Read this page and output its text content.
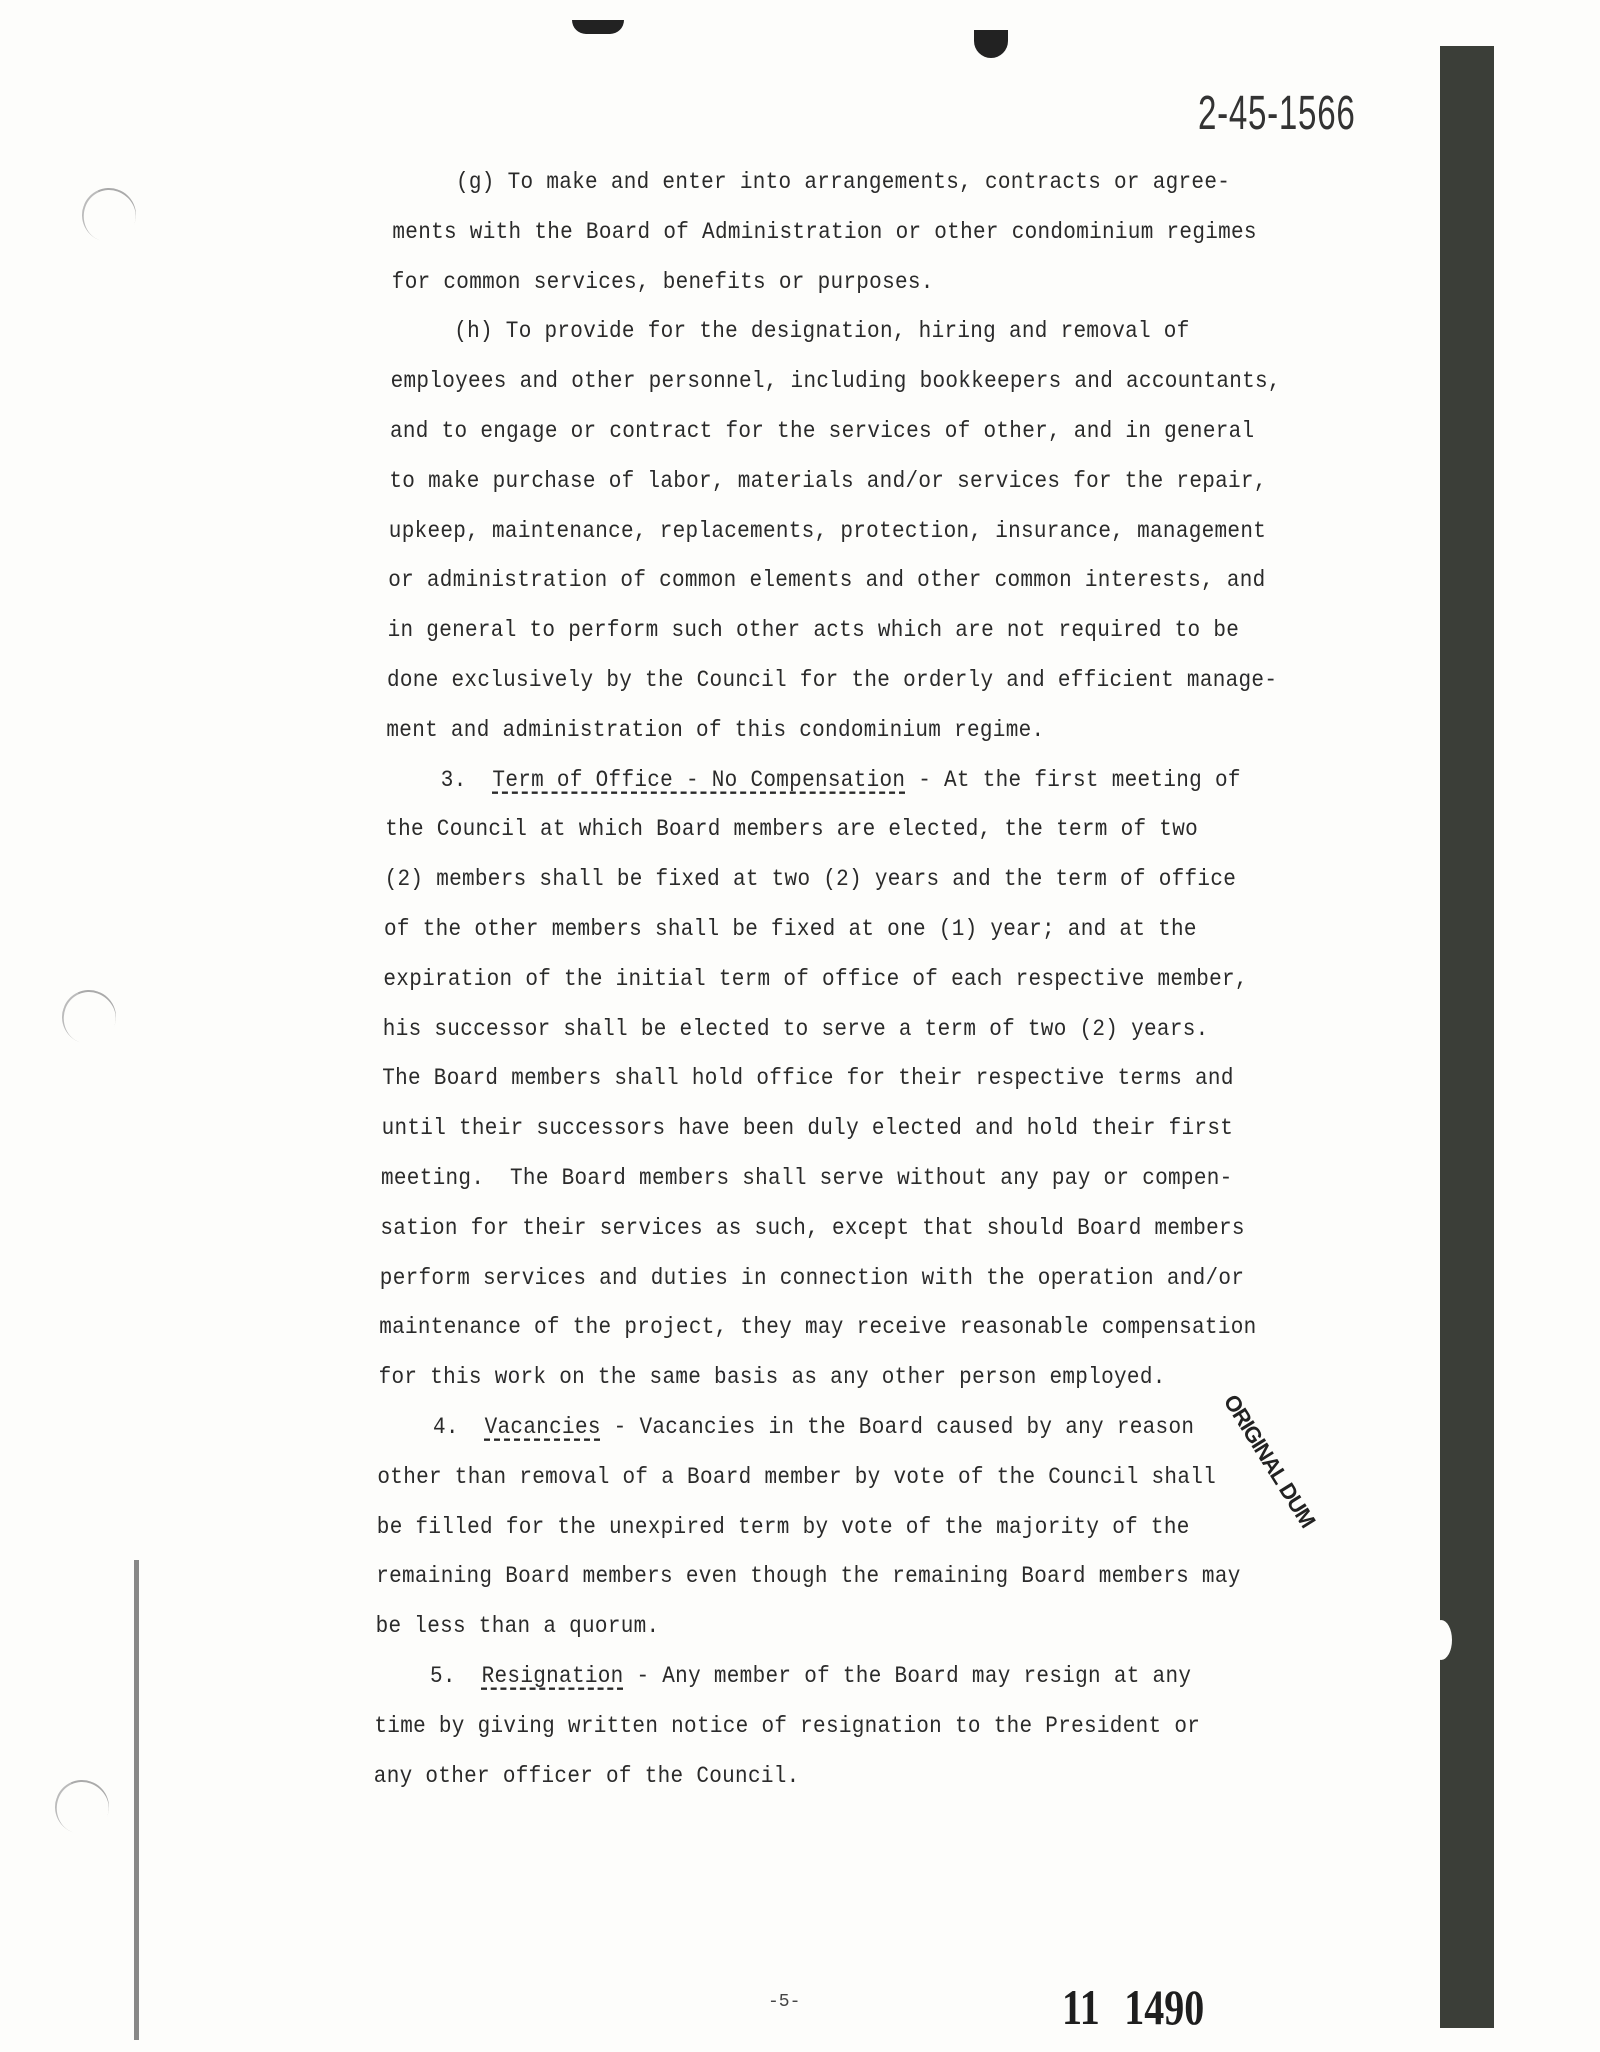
2-45-1566
(g) To make and enter into arrangements, contracts or agree-
ments with the Board of Administration or other condominium regimes
for common services, benefits or purposes.
(h) To provide for the designation, hiring and removal of
employees and other personnel, including bookkeepers and accountants,
and to engage or contract for the services of other, and in general
to make purchase of labor, materials and/or services for the repair,
upkeep, maintenance, replacements, protection, insurance, management
or administration of common elements and other common interests, and
in general to perform such other acts which are not required to be
done exclusively by the Council for the orderly and efficient manage-
ment and administration of this condominium regime.
3. Term of Office - No Compensation - At the first meeting of
the Council at which Board members are elected, the term of two
(2) members shall be fixed at two (2) years and the term of office
of the other members shall be fixed at one (1) year; and at the
expiration of the initial term of office of each respective member,
his successor shall be elected to serve a term of two (2) years.
The Board members shall hold office for their respective terms and
until their successors have been duly elected and hold their first
meeting.  The Board members shall serve without any pay or compen-
sation for their services as such, except that should Board members
perform services and duties in connection with the operation and/or
maintenance of the project, they may receive reasonable compensation
for this work on the same basis as any other person employed.
4. Vacancies - Vacancies in the Board caused by any reason
other than removal of a Board member by vote of the Council shall
be filled for the unexpired term by vote of the majority of the
remaining Board members even though the remaining Board members may
be less than a quorum.
5. Resignation - Any member of the Board may resign at any
time by giving written notice of resignation to the President or
any other officer of the Council.
ORIGINAL DUM
-5-	11 1490
